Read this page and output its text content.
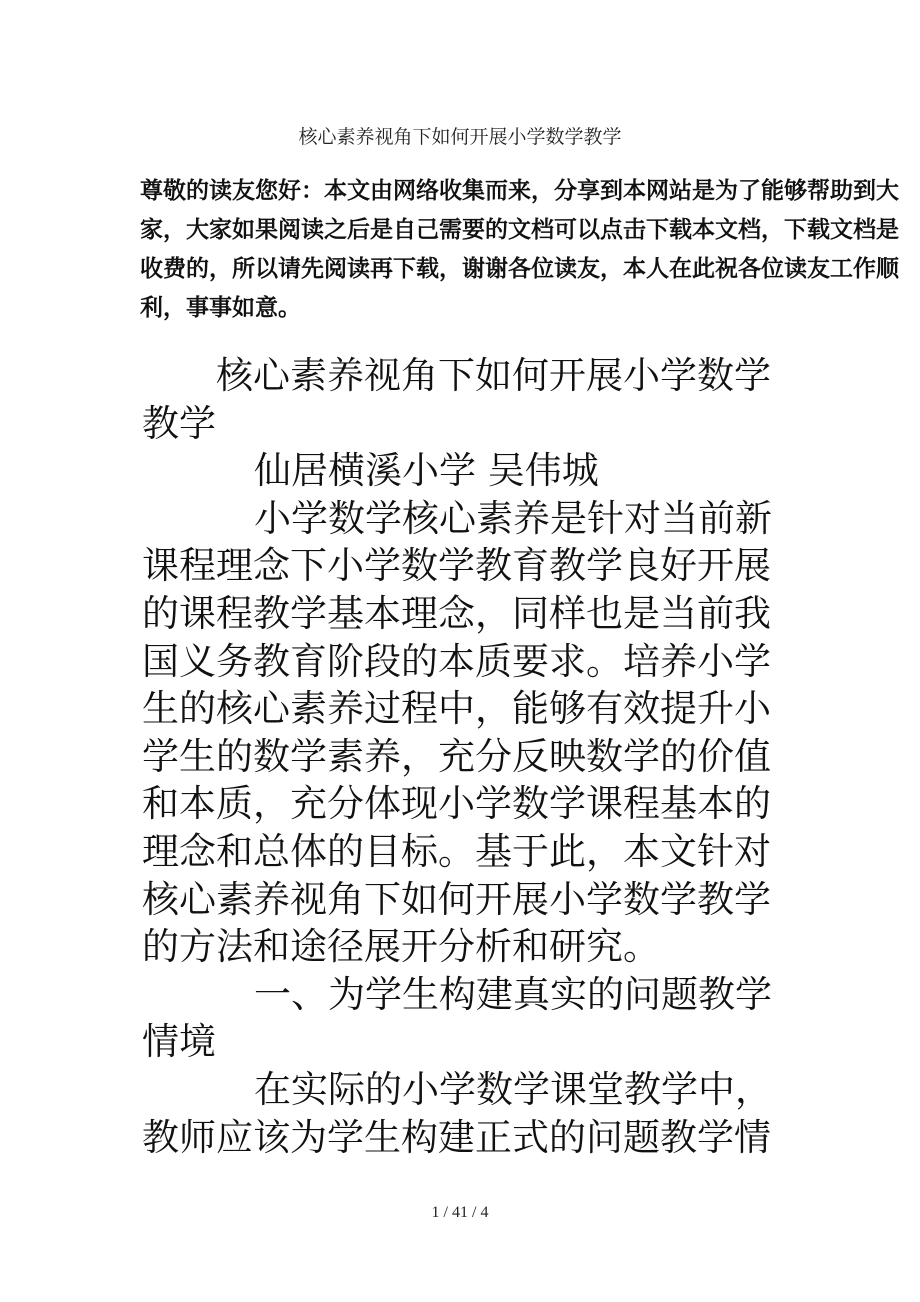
核心素养视角下如何开展小学数学教学
尊敬的读友您好：本文由网络收集而来，分享到本网站是为了能够帮助到大
家，大家如果阅读之后是自己需要的文档可以点击下载本文档，下载文档是
收费的，所以请先阅读再下载，谢谢各位读友，本人在此祝各位读友工作顺
利，事事如意。
核心素养视角下如何开展小学数学
教学
仙居横溪小学 吴伟城
小学数学核心素养是针对当前新
课程理念下小学数学教育教学良好开展
的课程教学基本理念，同样也是当前我
国义务教育阶段的本质要求。培养小学
生的核心素养过程中，能够有效提升小
学生的数学素养，充分反映数学的价值
和本质，充分体现小学数学课程基本的
理念和总体的目标。基于此，本文针对
核心素养视角下如何开展小学数学教学
的方法和途径展开分析和研究。
一、为学生构建真实的问题教学
情境
在实际的小学数学课堂教学中，
教师应该为学生构建正式的问题教学情
1 / 41 / 4
